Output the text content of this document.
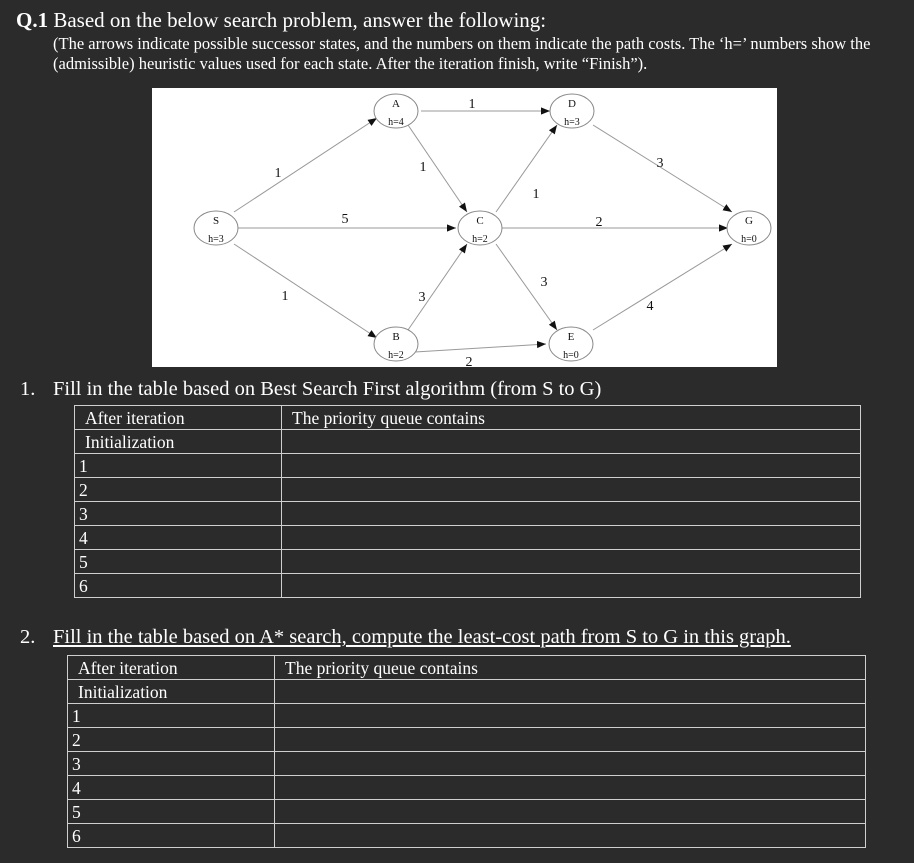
Q.1 Based on the below search problem, answer the following:
(The arrows indicate possible successor states, and the numbers on them indicate the path costs. The ‘h=’ numbers show the (admissible) heuristic values used for each state. After the iteration finish, write “Finish”).
1
5
1
1
1
3
2
1
2
3
3
4
S
h=3
A
h=4
B
h=2
C
h=2
D
h=3
E
h=0
G
h=0
1. Fill in the table based on Best Search First algorithm (from S to G)
After iteration	The priority queue contains
Initialization	
1	
2	
3	
4	
5	
6	
2. Fill in the table based on A* search, compute the least-cost path from S to G in this graph.
After iteration	The priority queue contains
Initialization	
1	
2	
3	
4	
5	
6	
